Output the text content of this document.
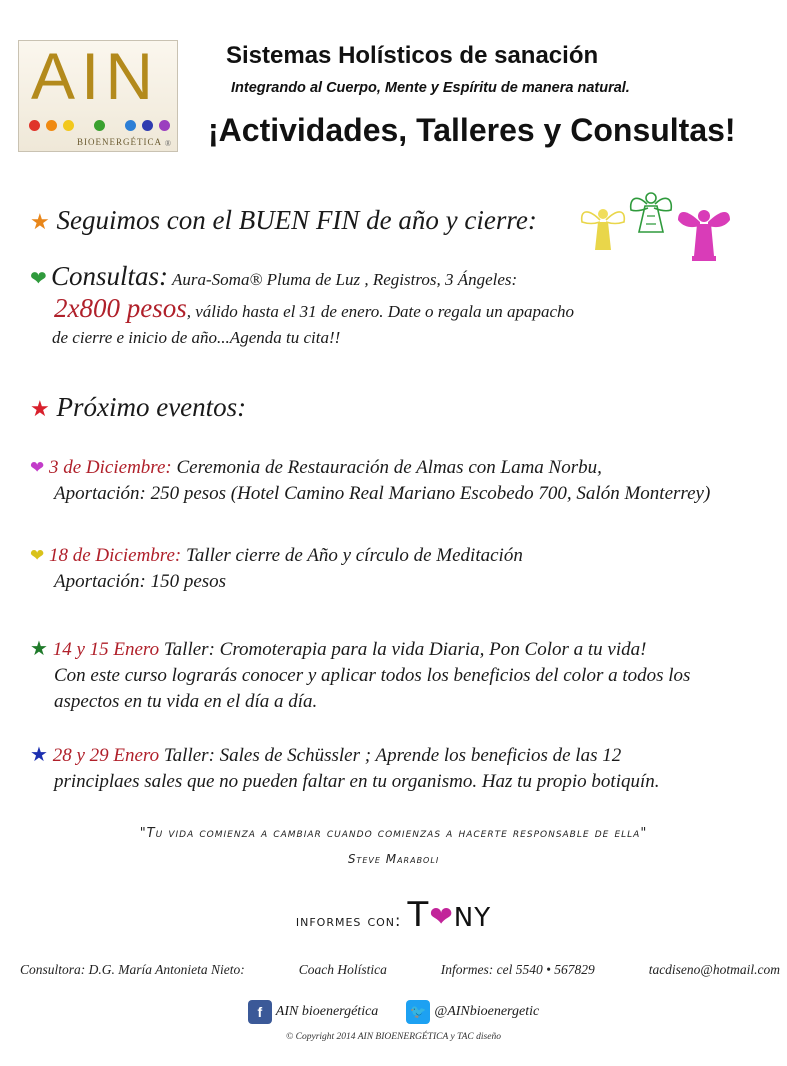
AIN
BIOENERGÉTICA ®
Sistemas Holísticos de sanación
Integrando al Cuerpo, Mente y Espíritu de manera natural.
¡Actividades, Talleres y Consultas!
★ Seguimos con el BUEN FIN de año y cierre:
❤ Consultas: Aura-Soma® Pluma de Luz , Registros, 3 Ángeles:
2x800 pesos, válido hasta el 31 de enero. Date o regala un apapacho
de cierre e inicio de año...Agenda tu cita!!
★ Próximo eventos:
❤ 3 de Diciembre: Ceremonia de Restauración de Almas con Lama Norbu,
Aportación: 250 pesos (Hotel Camino Real Mariano Escobedo 700, Salón Monterrey)
❤ 18 de Diciembre: Taller cierre de Año y círculo de Meditación
Aportación: 150 pesos
★ 14 y 15 Enero Taller: Cromoterapia para la vida Diaria, Pon Color a tu vida!
Con este curso lograrás conocer y aplicar todos los beneficios del color a todos los
aspectos en tu vida en el día a día.
★ 28 y 29 Enero Taller: Sales de Schüssler ; Aprende los beneficios de las 12
principlaes sales que no pueden faltar en tu organismo. Haz tu propio botiquín.
"Tu vida comienza a cambiar cuando comienzas a hacerte responsable de ella"
Steve Maraboli
informes con: T❤NY
Consultora: D.G. María Antonieta Nieto:	Coach Holística	Informes: cel 5540 • 567829	tacdiseno@hotmail.com
f AIN bioenergética	🐦 @AINbioenergetic
© Copyright 2014 AIN BIOENERGÉTICA y TAC diseño
